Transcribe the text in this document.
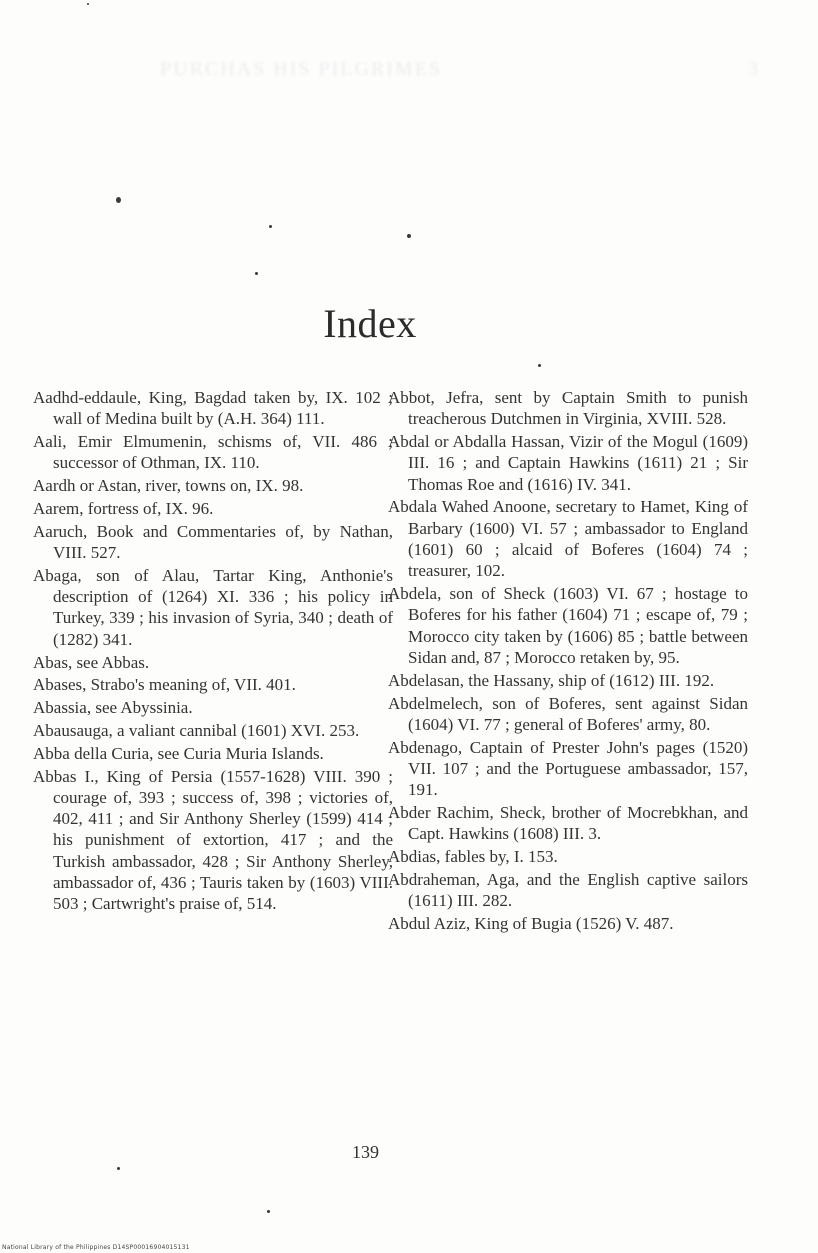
PURCHAS HIS PILGRIMES	3
Index

Aadhd-eddaule, King, Bagdad taken by, IX. 102 ; wall of Medina built by (A.H. 364) 111.

Aali, Emir Elmumenin, schisms of, VII. 486 ; successor of Othman, IX. 110.

Aardh or Astan, river, towns on, IX. 98.

Aarem, fortress of, IX. 96.

Aaruch, Book and Commentaries of, by Nathan, VIII. 527.

Abaga, son of Alau, Tartar King, Anthonie's description of (1264) XI. 336 ; his policy in Turkey, 339 ; his invasion of Syria, 340 ; death of (1282) 341.

Abas, see Abbas.

Abases, Strabo's meaning of, VII. 401.

Abassia, see Abyssinia.

Abausauga, a valiant cannibal (1601) XVI. 253.

Abba della Curia, see Curia Muria Islands.

Abbas I., King of Persia (1557-1628) VIII. 390 ; courage of, 393 ; success of, 398 ; victories of, 402, 411 ; and Sir Anthony Sherley (1599) 414 ; his punishment of extortion, 417 ; and the Turkish ambassador, 428 ; Sir Anthony Sherley, ambassador of, 436 ; Tauris taken by (1603) VIII. 503 ; Cartwright's praise of, 514.

Abbot, Jefra, sent by Captain Smith to punish treacherous Dutchmen in Virginia, XVIII. 528.

Abdal or Abdalla Hassan, Vizir of the Mogul (1609) III. 16 ; and Captain Hawkins (1611) 21 ; Sir Thomas Roe and (1616) IV. 341.

Abdala Wahed Anoone, secretary to Hamet, King of Barbary (1600) VI. 57 ; ambassador to England (1601) 60 ; alcaid of Boferes (1604) 74 ; treasurer, 102.

Abdela, son of Sheck (1603) VI. 67 ; hostage to Boferes for his father (1604) 71 ; escape of, 79 ; Morocco city taken by (1606) 85 ; battle between Sidan and, 87 ; Morocco retaken by, 95.

Abdelasan, the Hassany, ship of (1612) III. 192.

Abdelmelech, son of Boferes, sent against Sidan (1604) VI. 77 ; general of Boferes' army, 80.

Abdenago, Captain of Prester John's pages (1520) VII. 107 ; and the Portuguese ambassador, 157, 191.

Abder Rachim, Sheck, brother of Mocrebkhan, and Capt. Hawkins (1608) III. 3.

Abdias, fables by, I. 153.

Abdraheman, Aga, and the English captive sailors (1611) III. 282.

Abdul Aziz, King of Bugia (1526) V. 487.

139
National Library of the Philippines D14SP00016904015131
